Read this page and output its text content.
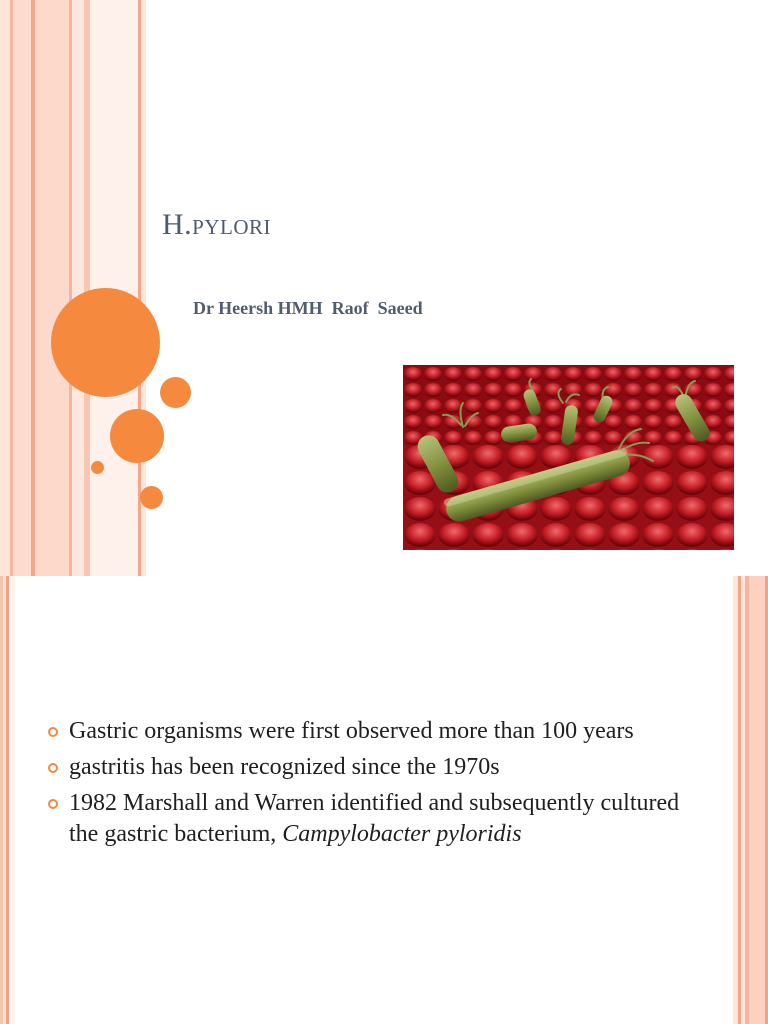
H.pylori
Dr Heersh HMH  Raof  Saeed
Gastric organisms were first observed more than 100 years
gastritis has been recognized since the 1970s
1982 Marshall and Warren identified and subsequently cultured the gastric bacterium, Campylobacter pyloridis
